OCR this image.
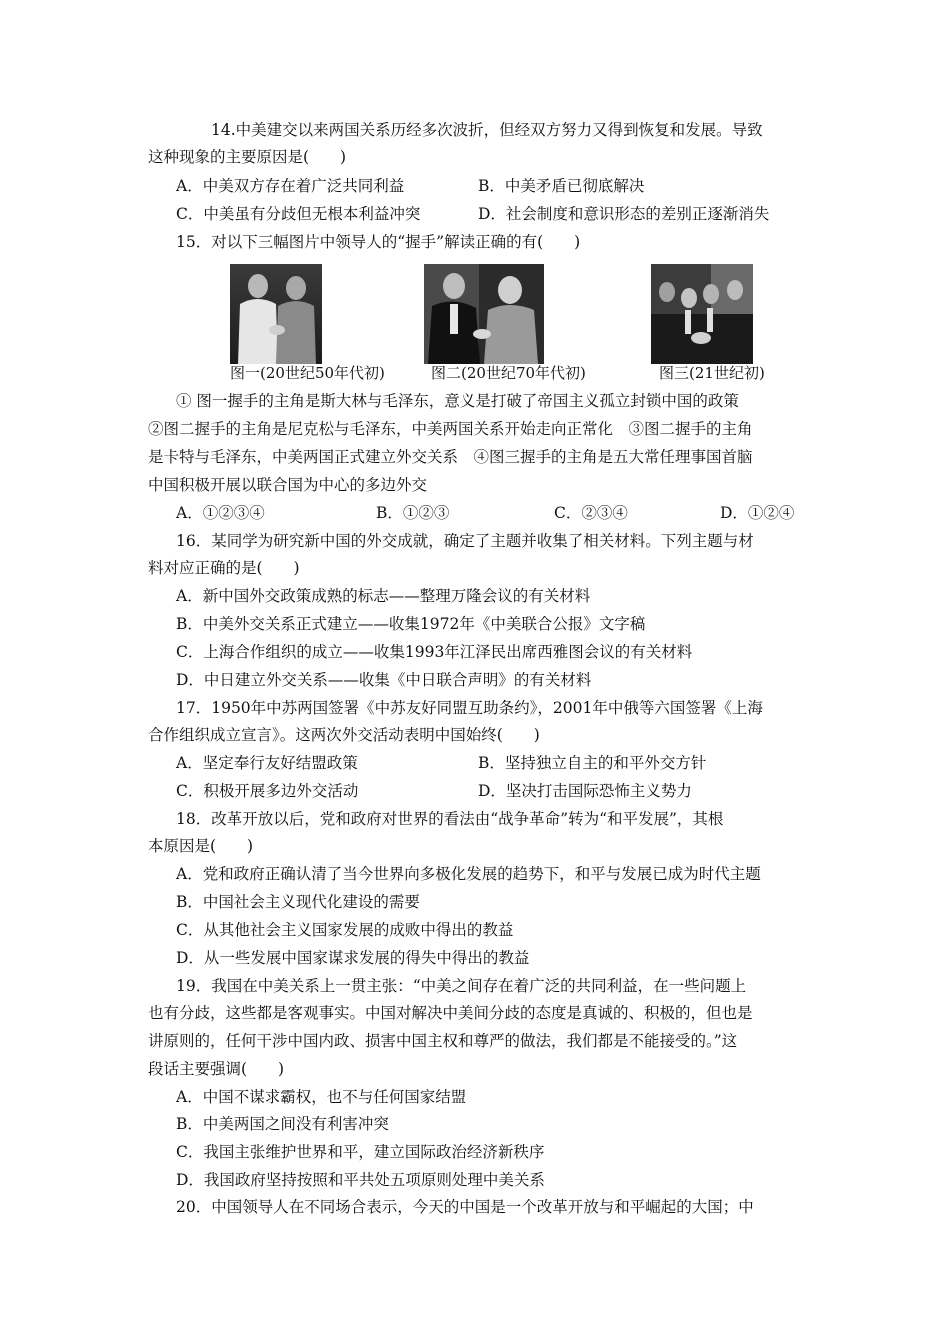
14.中美建交以来两国关系历经多次波折，但经双方努力又得到恢复和发展。导致
这种现象的主要原因是(　　)
A．中美双方存在着广泛共同利益	B．中美矛盾已彻底解决
C．中美虽有分歧但无根本利益冲突	D．社会制度和意识形态的差别正逐渐消失
15．对以下三幅图片中领导人的“握手”解读正确的有(　　)
图一(20世纪50年代初)	图二(20世纪70年代初)	图三(21世纪初)
① 图一握手的主角是斯大林与毛泽东，意义是打破了帝国主义孤立封锁中国的政策
②图二握手的主角是尼克松与毛泽东，中美两国关系开始走向正常化　③图二握手的主角
是卡特与毛泽东，中美两国正式建立外交关系　④图三握手的主角是五大常任理事国首脑
中国积极开展以联合国为中心的多边外交
A．①②③④	B．①②③	C．②③④	D．①②④
16．某同学为研究新中国的外交成就，确定了主题并收集了相关材料。下列主题与材
料对应正确的是(　　)
A．新中国外交政策成熟的标志——整理万隆会议的有关材料
B．中美外交关系正式建立——收集1972年《中美联合公报》文字稿
C．上海合作组织的成立——收集1993年江泽民出席西雅图会议的有关材料
D．中日建立外交关系——收集《中日联合声明》的有关材料
17．1950年中苏两国签署《中苏友好同盟互助条约》，2001年中俄等六国签署《上海
合作组织成立宣言》。这两次外交活动表明中国始终(　　)
A．坚定奉行友好结盟政策	B．坚持独立自主的和平外交方针
C．积极开展多边外交活动	D．坚决打击国际恐怖主义势力
18．改革开放以后，党和政府对世界的看法由“战争革命”转为“和平发展”，其根
本原因是(　　)
A．党和政府正确认清了当今世界向多极化发展的趋势下，和平与发展已成为时代主题
B．中国社会主义现代化建设的需要
C．从其他社会主义国家发展的成败中得出的教益
D．从一些发展中国家谋求发展的得失中得出的教益
19．我国在中美关系上一贯主张：“中美之间存在着广泛的共同利益，在一些问题上
也有分歧，这些都是客观事实。中国对解决中美间分歧的态度是真诚的、积极的，但也是
讲原则的，任何干涉中国内政、损害中国主权和尊严的做法，我们都是不能接受的。”这
段话主要强调(　　)
A．中国不谋求霸权，也不与任何国家结盟
B．中美两国之间没有利害冲突
C．我国主张维护世界和平，建立国际政治经济新秩序
D．我国政府坚持按照和平共处五项原则处理中美关系
20．中国领导人在不同场合表示，今天的中国是一个改革开放与和平崛起的大国；中
